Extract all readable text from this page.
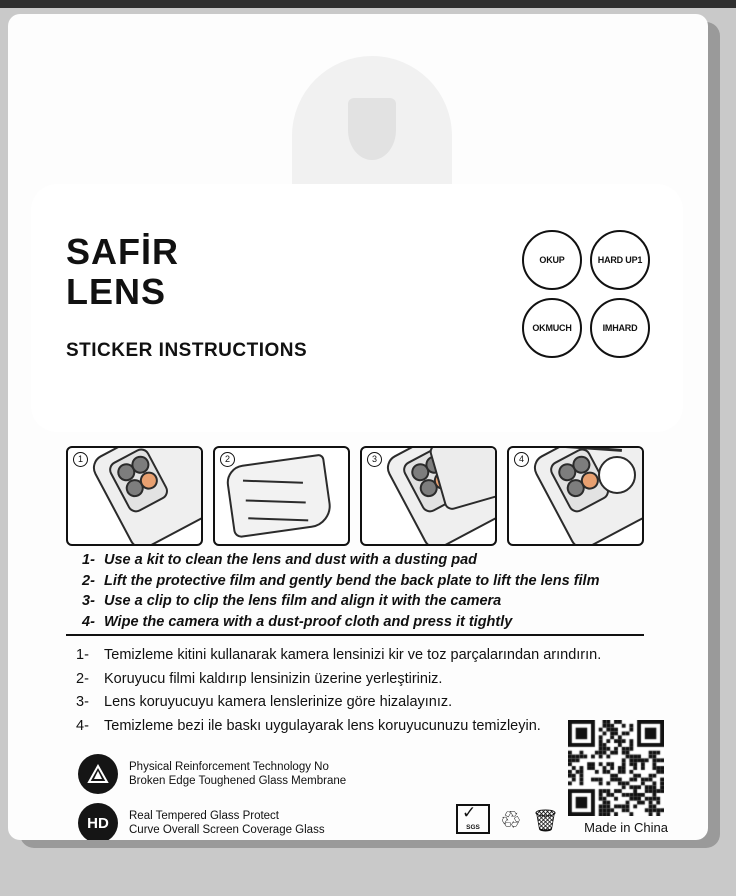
SAFİR
LENS
STICKER INSTRUCTIONS
OKUP	HARD UP1
OKMUCH	IMHARD
1	2	3	4
1- Use a kit to clean the lens and dust with a dusting pad
2- Lift the protective film and gently bend the back plate to lift the lens film
3- Use a clip to clip the lens film and align it with the camera
4- Wipe the camera with a dust-proof cloth and press it tightly
1-	Temizleme kitini kullanarak kamera lensinizi kir ve toz parçalarından arındırın.
2-	Koruyucu filmi kaldırıp lensinizin üzerine yerleştiriniz.
3-	Lens koruyucuyu kamera lenslerinize göre hizalayınız.
4-	Temizleme bezi ile baskı uygulayarak lens koruyucunuzu temizleyin.
Physical Reinforcement Technology No
Broken Edge Toughened Glass Membrane
HD	Real Tempered Glass Protect
Curve Overall Screen Coverage Glass
✓
SGS ♲ 🗑 Made in China
